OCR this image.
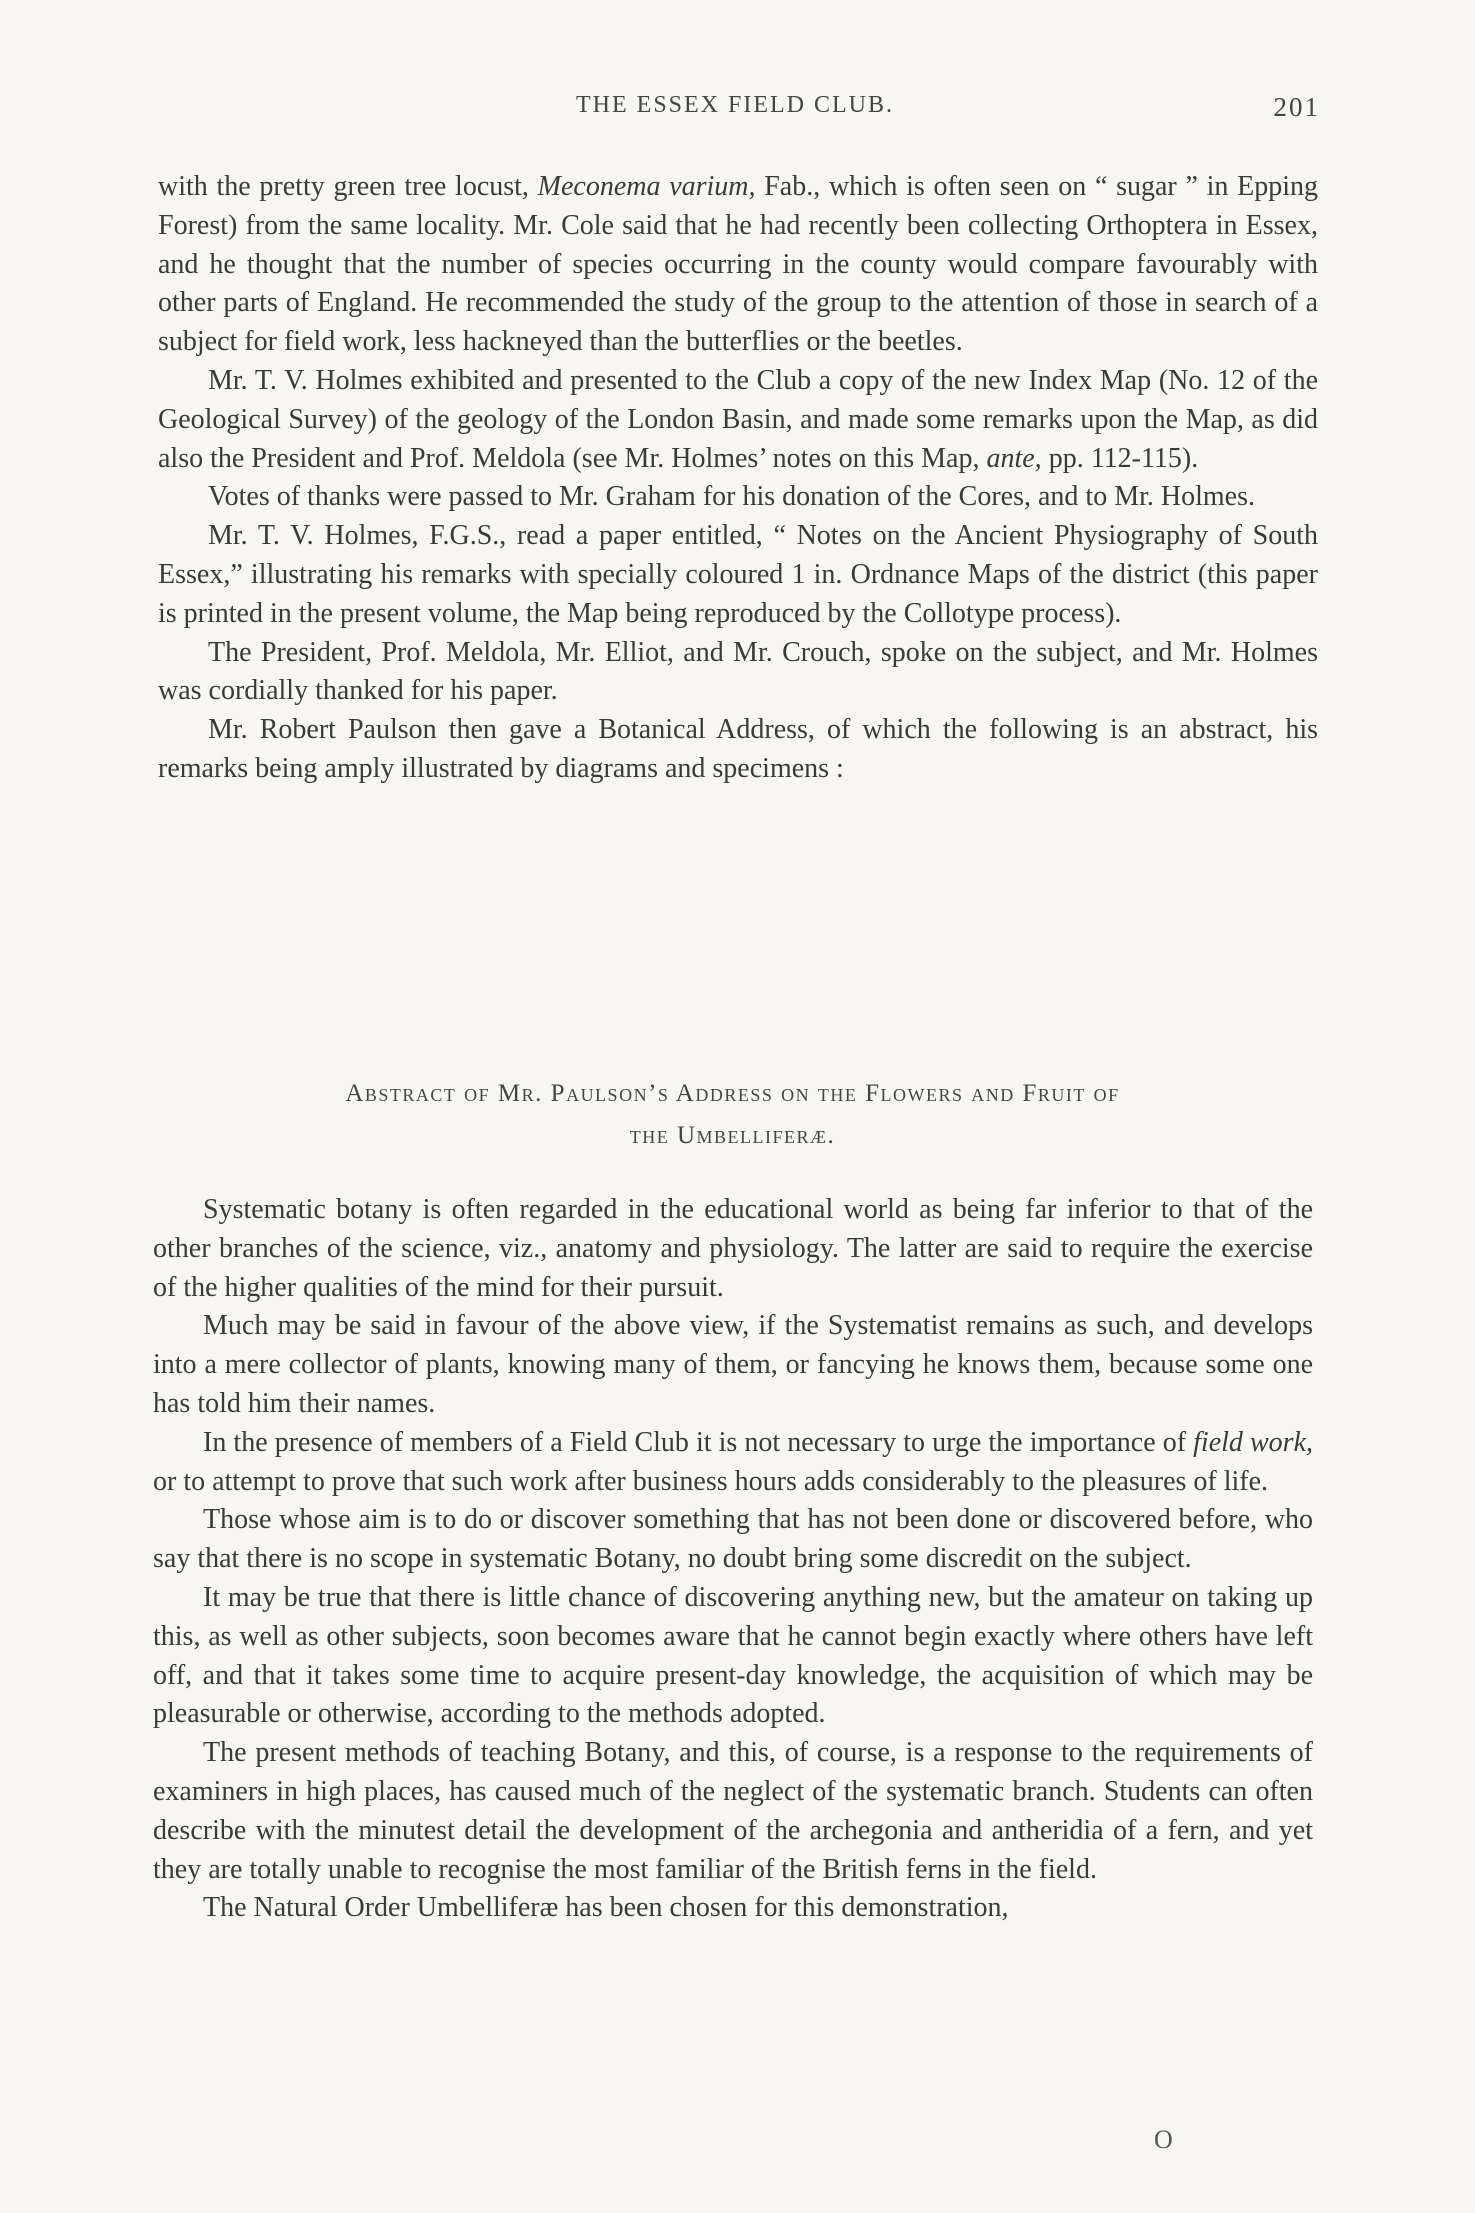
THE ESSEX FIELD CLUB.	201

with the pretty green tree locust, Meconema varium, Fab., which is often seen on “ sugar ” in Epping Forest) from the same locality. Mr. Cole said that he had recently been collecting Orthoptera in Essex, and he thought that the number of species occurring in the county would compare favourably with other parts of England. He recommended the study of the group to the attention of those in search of a subject for field work, less hackneyed than the butterflies or the beetles.

Mr. T. V. Holmes exhibited and presented to the Club a copy of the new Index Map (No. 12 of the Geological Survey) of the geology of the London Basin, and made some remarks upon the Map, as did also the President and Prof. Meldola (see Mr. Holmes’ notes on this Map, ante, pp. 112-115).

Votes of thanks were passed to Mr. Graham for his donation of the Cores, and to Mr. Holmes.

Mr. T. V. Holmes, F.G.S., read a paper entitled, “ Notes on the Ancient Physiography of South Essex,” illustrating his remarks with specially coloured 1 in. Ordnance Maps of the district (this paper is printed in the present volume, the Map being reproduced by the Collotype process).

The President, Prof. Meldola, Mr. Elliot, and Mr. Crouch, spoke on the subject, and Mr. Holmes was cordially thanked for his paper.

Mr. Robert Paulson then gave a Botanical Address, of which the following is an abstract, his remarks being amply illustrated by diagrams and specimens :

Abstract of Mr. Paulson’s Address on the Flowers and Fruit of
the Umbelliferæ.

Systematic botany is often regarded in the educational world as being far inferior to that of the other branches of the science, viz., anatomy and physiology. The latter are said to require the exercise of the higher qualities of the mind for their pursuit.

Much may be said in favour of the above view, if the Systematist remains as such, and develops into a mere collector of plants, knowing many of them, or fancying he knows them, because some one has told him their names.

In the presence of members of a Field Club it is not necessary to urge the importance of field work, or to attempt to prove that such work after business hours adds considerably to the pleasures of life.

Those whose aim is to do or discover something that has not been done or discovered before, who say that there is no scope in systematic Botany, no doubt bring some discredit on the subject.

It may be true that there is little chance of discovering anything new, but the amateur on taking up this, as well as other subjects, soon becomes aware that he cannot begin exactly where others have left off, and that it takes some time to acquire present-day knowledge, the acquisition of which may be pleasurable or otherwise, according to the methods adopted.

The present methods of teaching Botany, and this, of course, is a response to the requirements of examiners in high places, has caused much of the neglect of the systematic branch. Students can often describe with the minutest detail the development of the archegonia and antheridia of a fern, and yet they are totally unable to recognise the most familiar of the British ferns in the field.

The Natural Order Umbelliferæ has been chosen for this demonstration,

O
